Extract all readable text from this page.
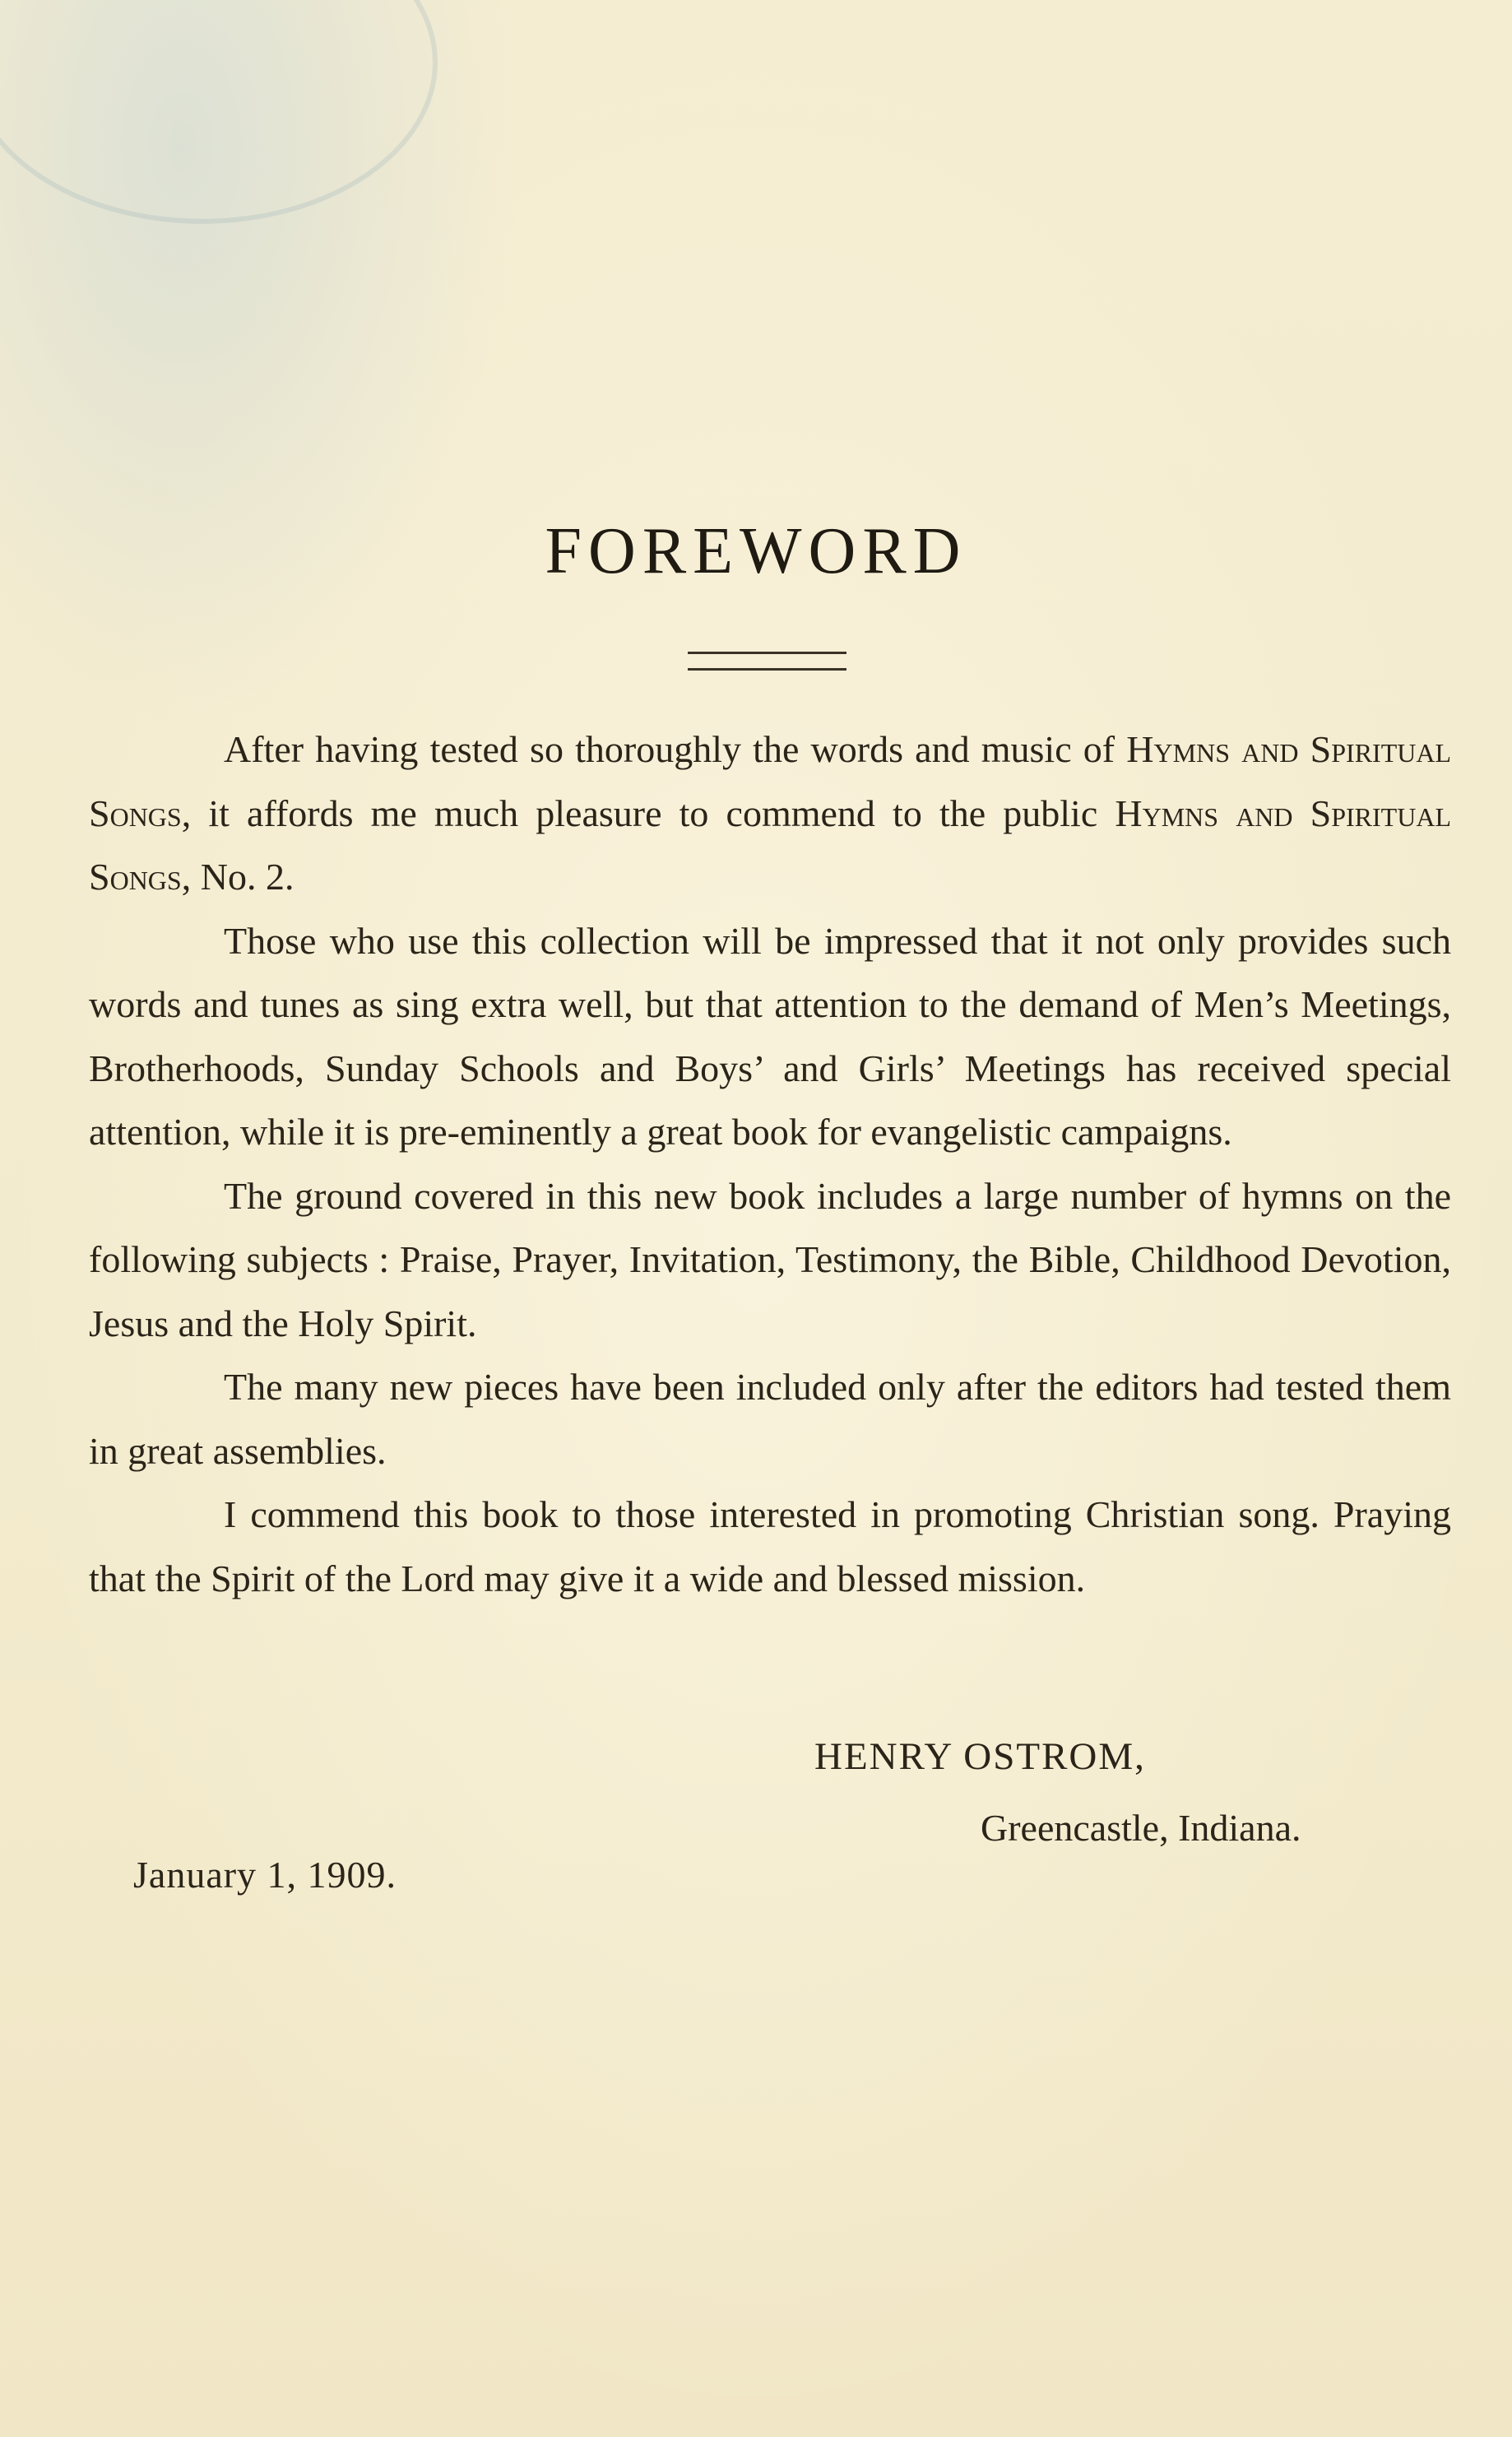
FOREWORD

After having tested so thoroughly the words and music of Hymns and Spiritual Songs, it affords me much pleasure to commend to the public Hymns and Spiritual Songs, No. 2.

Those who use this collection will be impressed that it not only provides such words and tunes as sing extra well, but that attention to the demand of Men’s Meetings, Brotherhoods, Sunday Schools and Boys’ and Girls’ Meetings has received special attention, while it is pre-eminently a great book for evangelistic campaigns.

The ground covered in this new book includes a large number of hymns on the following subjects : Praise, Prayer, Invitation, Testimony, the Bible, Childhood Devotion, Jesus and the Holy Spirit.

The many new pieces have been included only after the editors had tested them in great assemblies.

I commend this book to those interested in promoting Christian song. Praying that the Spirit of the Lord may give it a wide and blessed mission.

HENRY OSTROM,
Greencastle, Indiana.
January 1, 1909.
